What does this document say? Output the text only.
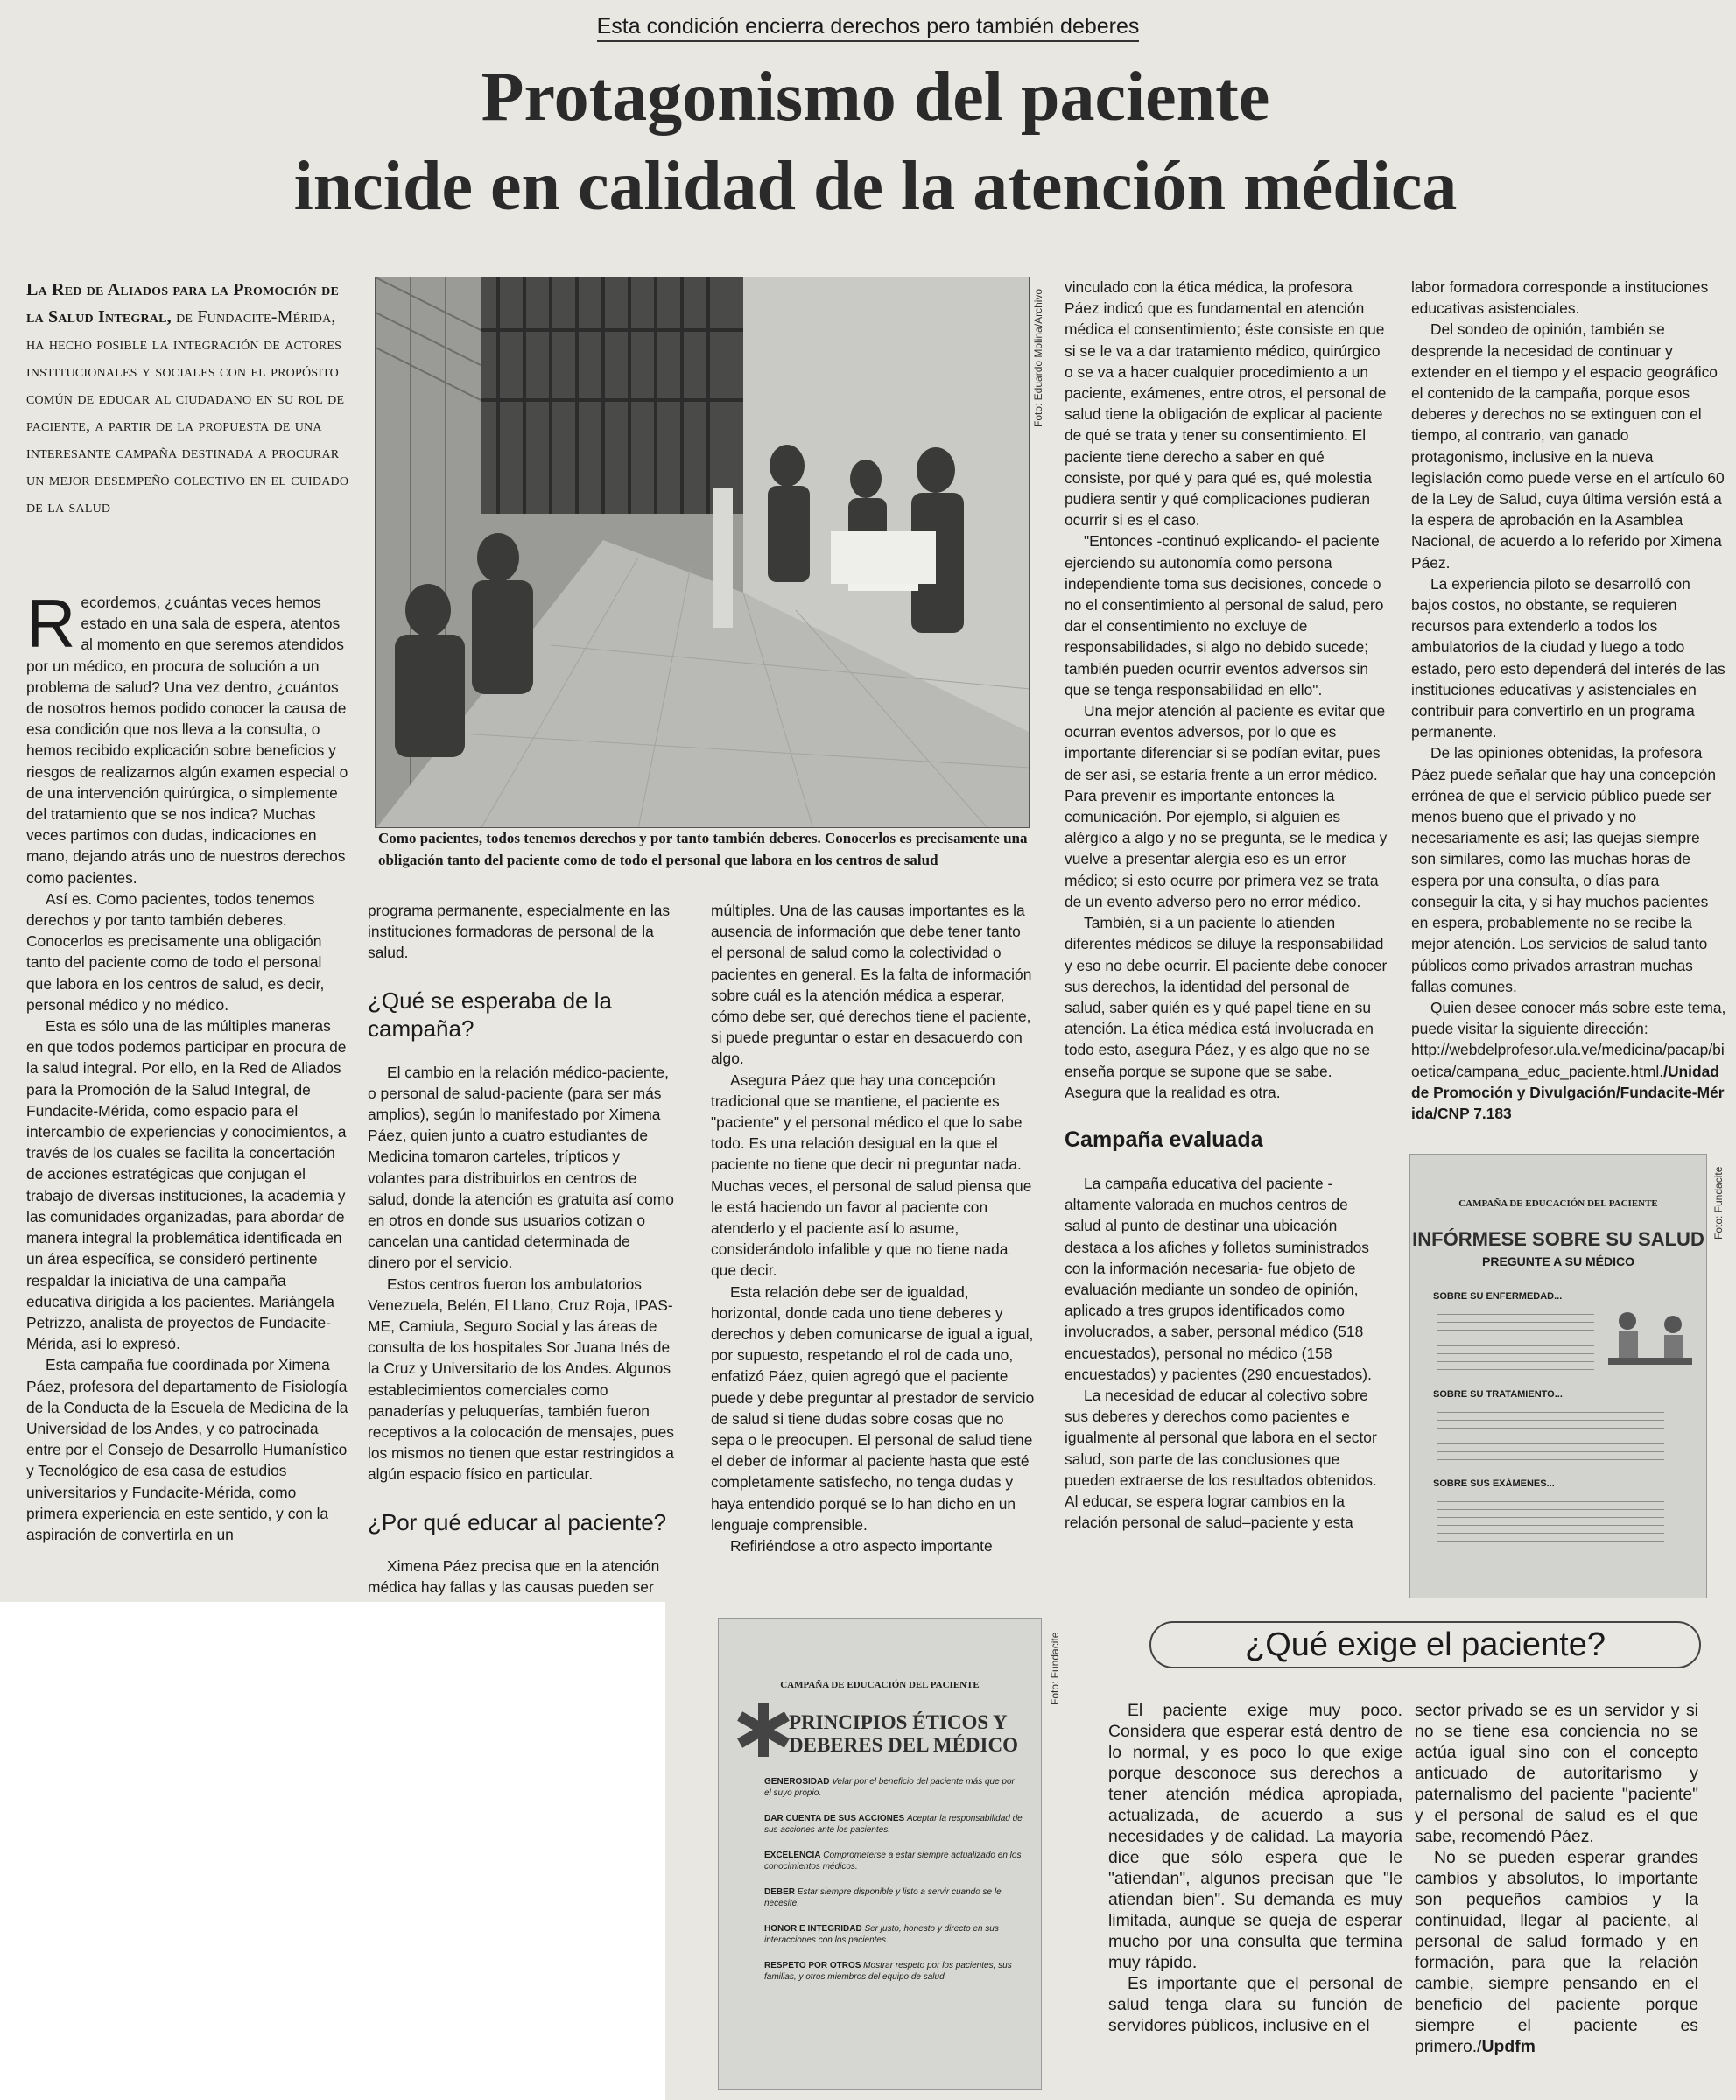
Esta condición encierra derechos pero también deberes
Protagonismo del paciente
incide en calidad de la atención médica
La Red de Aliados para la Promoción de la Salud Integral, de Fundacite-Mérida, ha hecho posible la integración de actores institucionales y sociales con el propósito común de educar al ciudadano en su rol de paciente, a partir de la propuesta de una interesante campaña destinada a procurar un mejor desempeño colectivo en el cuidado de la salud
Foto: Eduardo Molina/Archivo
Como pacientes, todos tenemos derechos y por tanto también deberes. Conocerlos es precisamente una obligación tanto del paciente como de todo el personal que labora en los centros de salud

Recordemos, ¿cuántas veces hemos estado en una sala de espera, atentos al momento en que seremos atendidos por un médico, en procura de solución a un problema de salud? Una vez dentro, ¿cuántos de nosotros hemos podido conocer la causa de esa condición que nos lleva a la consulta, o hemos recibido explicación sobre beneficios y riesgos de realizarnos algún examen especial o de una intervención quirúrgica, o simplemente del tratamiento que se nos indica? Muchas veces partimos con dudas, indicaciones en mano, dejando atrás uno de nuestros derechos como pacientes.

Así es. Como pacientes, todos tenemos derechos y por tanto también deberes. Conocerlos es precisamente una obligación tanto del paciente como de todo el personal que labora en los centros de salud, es decir, personal médico y no médico.

Esta es sólo una de las múltiples maneras en que todos podemos participar en procura de la salud integral. Por ello, en la Red de Aliados para la Promoción de la Salud Integral, de Fundacite-Mérida, como espacio para el intercambio de experiencias y conocimientos, a través de los cuales se facilita la concertación de acciones estratégicas que conjugan el trabajo de diversas instituciones, la academia y las comunidades organizadas, para abordar de manera integral la problemática identificada en un área específica, se consideró pertinente respaldar la iniciativa de una campaña educativa dirigida a los pacientes. Mariángela Petrizzo, analista de proyectos de Fundacite-Mérida, así lo expresó.

Esta campaña fue coordinada por Ximena Páez, profesora del departamento de Fisiología de la Conducta de la Escuela de Medicina de la Universidad de los Andes, y co patrocinada entre por el Consejo de Desarrollo Humanístico y Tecnológico de esa casa de estudios universitarios y Fundacite-Mérida, como primera experiencia en este sentido, y con la aspiración de convertirla en un

programa permanente, especialmente en las instituciones formadoras de personal de la salud.

¿Qué se esperaba de la campaña?

El cambio en la relación médico-paciente, o personal de salud-paciente (para ser más amplios), según lo manifestado por Ximena Páez, quien junto a cuatro estudiantes de Medicina tomaron carteles, trípticos y volantes para distribuirlos en centros de salud, donde la atención es gratuita así como en otros en donde sus usuarios cotizan o cancelan una cantidad determinada de dinero por el servicio.

Estos centros fueron los ambulatorios Venezuela, Belén, El Llano, Cruz Roja, IPAS-ME, Camiula, Seguro Social y las áreas de consulta de los hospitales Sor Juana Inés de la Cruz y Universitario de los Andes. Algunos establecimientos comerciales como panaderías y peluquerías, también fueron receptivos a la colocación de mensajes, pues los mismos no tienen que estar restringidos a algún espacio físico en particular.

¿Por qué educar al paciente?

Ximena Páez precisa que en la atención médica hay fallas y las causas pueden ser

múltiples. Una de las causas importantes es la ausencia de información que debe tener tanto el personal de salud como la colectividad o pacientes en general. Es la falta de información sobre cuál es la atención médica a esperar, cómo debe ser, qué derechos tiene el paciente, si puede preguntar o estar en desacuerdo con algo.

Asegura Páez que hay una concepción tradicional que se mantiene, el paciente es "paciente" y el personal médico el que lo sabe todo. Es una relación desigual en la que el paciente no tiene que decir ni preguntar nada. Muchas veces, el personal de salud piensa que le está haciendo un favor al paciente con atenderlo y el paciente así lo asume, considerándolo infalible y que no tiene nada que decir.

Esta relación debe ser de igualdad, horizontal, donde cada uno tiene deberes y derechos y deben comunicarse de igual a igual, por supuesto, respetando el rol de cada uno, enfatizó Páez, quien agregó que el paciente puede y debe preguntar al prestador de servicio de salud si tiene dudas sobre cosas que no sepa o le preocupen. El personal de salud tiene el deber de informar al paciente hasta que esté completamente satisfecho, no tenga dudas y haya entendido porqué se lo han dicho en un lenguaje comprensible.

Refiriéndose a otro aspecto importante

vinculado con la ética médica, la profesora Páez indicó que es fundamental en atención médica el consentimiento; éste consiste en que si se le va a dar tratamiento médico, quirúrgico o se va a hacer cualquier procedimiento a un paciente, exámenes, entre otros, el personal de salud tiene la obligación de explicar al paciente de qué se trata y tener su consentimiento. El paciente tiene derecho a saber en qué consiste, por qué y para qué es, qué molestia pudiera sentir y qué complicaciones pudieran ocurrir si es el caso.

"Entonces -continuó explicando- el paciente ejerciendo su autonomía como persona independiente toma sus decisiones, concede o no el consentimiento al personal de salud, pero dar el consentimiento no excluye de responsabilidades, si algo no debido sucede; también pueden ocurrir eventos adversos sin que se tenga responsabilidad en ello".

Una mejor atención al paciente es evitar que ocurran eventos adversos, por lo que es importante diferenciar si se podían evitar, pues de ser así, se estaría frente a un error médico. Para prevenir es importante entonces la comunicación. Por ejemplo, si alguien es alérgico a algo y no se pregunta, se le medica y vuelve a presentar alergia eso es un error médico; si esto ocurre por primera vez se trata de un evento adverso pero no error médico.

También, si a un paciente lo atienden diferentes médicos se diluye la responsabilidad y eso no debe ocurrir. El paciente debe conocer sus derechos, la identidad del personal de salud, saber quién es y qué papel tiene en su atención. La ética médica está involucrada en todo esto, asegura Páez, y es algo que no se enseña porque se supone que se sabe. Asegura que la realidad es otra.

Campaña evaluada

La campaña educativa del paciente - altamente valorada en muchos centros de salud al punto de destinar una ubicación destaca a los afiches y folletos suministrados con la información necesaria- fue objeto de evaluación mediante un sondeo de opinión, aplicado a tres grupos identificados como involucrados, a saber, personal médico (518 encuestados), personal no médico (158 encuestados) y pacientes (290 encuestados).

La necesidad de educar al colectivo sobre sus deberes y derechos como pacientes e igualmente al personal que labora en el sector salud, son parte de las conclusiones que pueden extraerse de los resultados obtenidos. Al educar, se espera lograr cambios en la relación personal de salud–paciente y esta

labor formadora corresponde a instituciones educativas asistenciales.

Del sondeo de opinión, también se desprende la necesidad de continuar y extender en el tiempo y el espacio geográfico el contenido de la campaña, porque esos deberes y derechos no se extinguen con el tiempo, al contrario, van ganado protagonismo, inclusive en la nueva legislación como puede verse en el artículo 60 de la Ley de Salud, cuya última versión está a la espera de aprobación en la Asamblea Nacional, de acuerdo a lo referido por Ximena Páez.

La experiencia piloto se desarrolló con bajos costos, no obstante, se requieren recursos para extenderlo a todos los ambulatorios de la ciudad y luego a todo estado, pero esto dependerá del interés de las instituciones educativas y asistenciales en contribuir para convertirlo en un programa permanente.

De las opiniones obtenidas, la profesora Páez puede señalar que hay una concepción errónea de que el servicio público puede ser menos bueno que el privado y no necesariamente es así; las quejas siempre son similares, como las muchas horas de espera por una consulta, o días para conseguir la cita, y si hay muchos pacientes en espera, probablemente no se recibe la mejor atención. Los servicios de salud tanto públicos como privados arrastran muchas fallas comunes.

Quien desee conocer más sobre este tema, puede visitar la siguiente dirección:

http://webdelprofesor.ula.ve/medicina/pacap/bioetica/campana_educ_paciente.html./Unidad de Promoción y Divulgación/Fundacite-Mérida/CNP 7.183

Foto: Fundacite
CAMPAÑA DE EDUCACIÓN DEL PACIENTE
INFÓRMESE SOBRE SU SALUD
PREGUNTE A SU MÉDICO
SOBRE SU ENFERMEDAD...
SOBRE SU TRATAMIENTO...
SOBRE SUS EXÁMENES...
Foto: Fundacite
CAMPAÑA DE EDUCACIÓN DEL PACIENTE
PRINCIPIOS ÉTICOS Y
DEBERES DEL MÉDICO
GENEROSIDAD Velar por el beneficio del paciente más que por el suyo propio.
DAR CUENTA DE SUS ACCIONES Aceptar la responsabilidad de sus acciones ante los pacientes.
EXCELENCIA Comprometerse a estar siempre actualizado en los conocimientos médicos.
DEBER Estar siempre disponible y listo a servir cuando se le necesite.
HONOR E INTEGRIDAD Ser justo, honesto y directo en sus interacciones con los pacientes.
RESPETO POR OTROS Mostrar respeto por los pacientes, sus familias, y otros miembros del equipo de salud.
¿Qué exige el paciente?

El paciente exige muy poco. Considera que esperar está dentro de lo normal, y es poco lo que exige porque desconoce sus derechos a tener atención médica apropiada, actualizada, de acuerdo a sus necesidades y de calidad. La mayoría dice que sólo espera que le "atiendan", algunos precisan que "le atiendan bien". Su demanda es muy limitada, aunque se queja de esperar mucho por una consulta que termina muy rápido.

Es importante que el personal de salud tenga clara su función de servidores públicos, inclusive en el

sector privado se es un servidor y si no se tiene esa conciencia no se actúa igual sino con el concepto anticuado de autoritarismo y paternalismo del paciente "paciente" y el personal de salud es el que sabe, recomendó Páez.

No se pueden esperar grandes cambios y absolutos, lo importante son pequeños cambios y la continuidad, llegar al paciente, al personal de salud formado y en formación, para que la relación cambie, siempre pensando en el beneficio del paciente porque siempre el paciente es primero./Updfm
